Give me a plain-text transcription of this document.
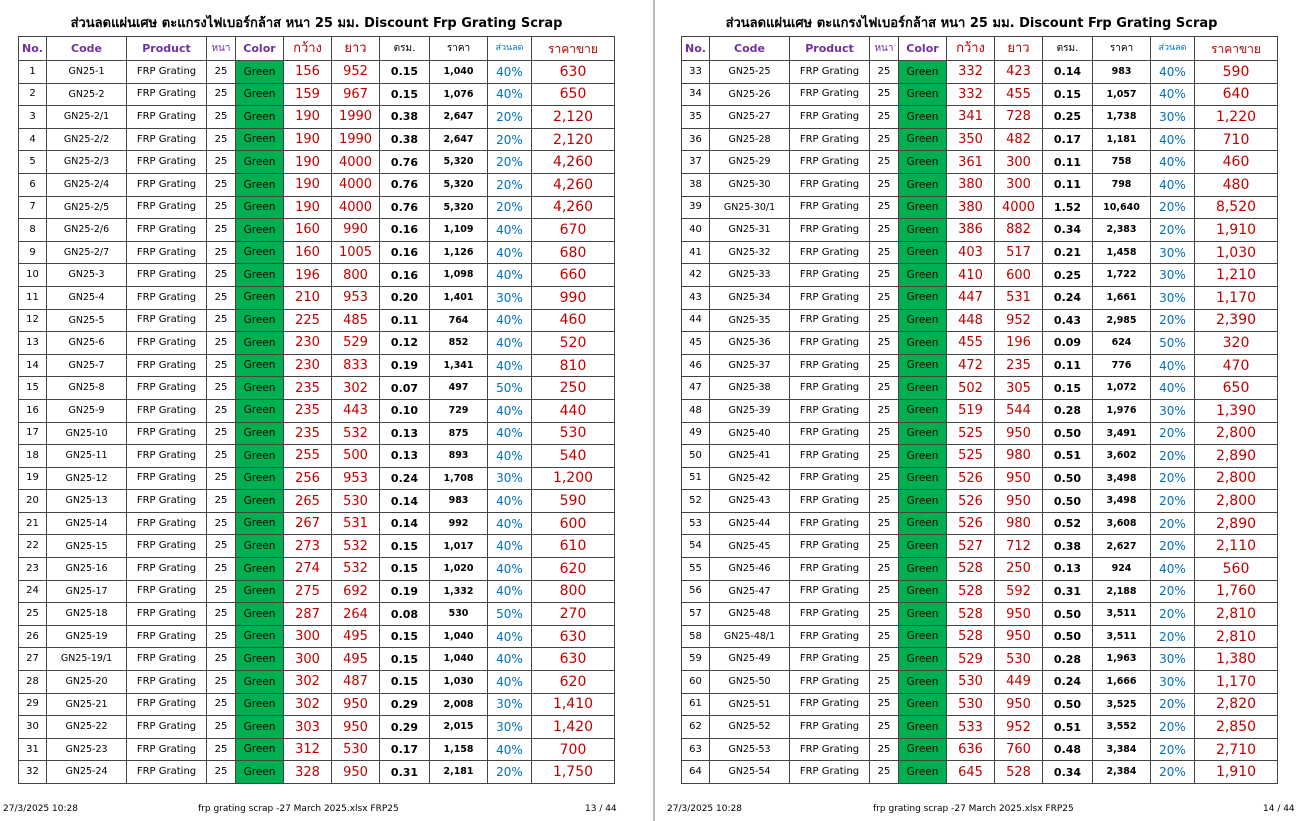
ส่วนลดแผ่นเศษ ตะแกรงไฟเบอร์กล้าส หนา 25 มม. Discount Frp Grating Scrap
No.	Code	Product	หนา	Color	กว้าง	ยาว	ตรม.	ราคา	ส่วนลด	ราคาขาย
1	GN25-1	FRP Grating	25	Green	156	952	0.15	1,040	40%	630
2	GN25-2	FRP Grating	25	Green	159	967	0.15	1,076	40%	650
3	GN25-2/1	FRP Grating	25	Green	190	1990	0.38	2,647	20%	2,120
4	GN25-2/2	FRP Grating	25	Green	190	1990	0.38	2,647	20%	2,120
5	GN25-2/3	FRP Grating	25	Green	190	4000	0.76	5,320	20%	4,260
6	GN25-2/4	FRP Grating	25	Green	190	4000	0.76	5,320	20%	4,260
7	GN25-2/5	FRP Grating	25	Green	190	4000	0.76	5,320	20%	4,260
8	GN25-2/6	FRP Grating	25	Green	160	990	0.16	1,109	40%	670
9	GN25-2/7	FRP Grating	25	Green	160	1005	0.16	1,126	40%	680
10	GN25-3	FRP Grating	25	Green	196	800	0.16	1,098	40%	660
11	GN25-4	FRP Grating	25	Green	210	953	0.20	1,401	30%	990
12	GN25-5	FRP Grating	25	Green	225	485	0.11	764	40%	460
13	GN25-6	FRP Grating	25	Green	230	529	0.12	852	40%	520
14	GN25-7	FRP Grating	25	Green	230	833	0.19	1,341	40%	810
15	GN25-8	FRP Grating	25	Green	235	302	0.07	497	50%	250
16	GN25-9	FRP Grating	25	Green	235	443	0.10	729	40%	440
17	GN25-10	FRP Grating	25	Green	235	532	0.13	875	40%	530
18	GN25-11	FRP Grating	25	Green	255	500	0.13	893	40%	540
19	GN25-12	FRP Grating	25	Green	256	953	0.24	1,708	30%	1,200
20	GN25-13	FRP Grating	25	Green	265	530	0.14	983	40%	590
21	GN25-14	FRP Grating	25	Green	267	531	0.14	992	40%	600
22	GN25-15	FRP Grating	25	Green	273	532	0.15	1,017	40%	610
23	GN25-16	FRP Grating	25	Green	274	532	0.15	1,020	40%	620
24	GN25-17	FRP Grating	25	Green	275	692	0.19	1,332	40%	800
25	GN25-18	FRP Grating	25	Green	287	264	0.08	530	50%	270
26	GN25-19	FRP Grating	25	Green	300	495	0.15	1,040	40%	630
27	GN25-19/1	FRP Grating	25	Green	300	495	0.15	1,040	40%	630
28	GN25-20	FRP Grating	25	Green	302	487	0.15	1,030	40%	620
29	GN25-21	FRP Grating	25	Green	302	950	0.29	2,008	30%	1,410
30	GN25-22	FRP Grating	25	Green	303	950	0.29	2,015	30%	1,420
31	GN25-23	FRP Grating	25	Green	312	530	0.17	1,158	40%	700
32	GN25-24	FRP Grating	25	Green	328	950	0.31	2,181	20%	1,750
27/3/2025 10:28	frp grating scrap -27 March 2025.xlsx FRP25	13 / 44
ส่วนลดแผ่นเศษ ตะแกรงไฟเบอร์กล้าส หนา 25 มม. Discount Frp Grating Scrap
No.	Code	Product	หนา	Color	กว้าง	ยาว	ตรม.	ราคา	ส่วนลด	ราคาขาย
33	GN25-25	FRP Grating	25	Green	332	423	0.14	983	40%	590
34	GN25-26	FRP Grating	25	Green	332	455	0.15	1,057	40%	640
35	GN25-27	FRP Grating	25	Green	341	728	0.25	1,738	30%	1,220
36	GN25-28	FRP Grating	25	Green	350	482	0.17	1,181	40%	710
37	GN25-29	FRP Grating	25	Green	361	300	0.11	758	40%	460
38	GN25-30	FRP Grating	25	Green	380	300	0.11	798	40%	480
39	GN25-30/1	FRP Grating	25	Green	380	4000	1.52	10,640	20%	8,520
40	GN25-31	FRP Grating	25	Green	386	882	0.34	2,383	20%	1,910
41	GN25-32	FRP Grating	25	Green	403	517	0.21	1,458	30%	1,030
42	GN25-33	FRP Grating	25	Green	410	600	0.25	1,722	30%	1,210
43	GN25-34	FRP Grating	25	Green	447	531	0.24	1,661	30%	1,170
44	GN25-35	FRP Grating	25	Green	448	952	0.43	2,985	20%	2,390
45	GN25-36	FRP Grating	25	Green	455	196	0.09	624	50%	320
46	GN25-37	FRP Grating	25	Green	472	235	0.11	776	40%	470
47	GN25-38	FRP Grating	25	Green	502	305	0.15	1,072	40%	650
48	GN25-39	FRP Grating	25	Green	519	544	0.28	1,976	30%	1,390
49	GN25-40	FRP Grating	25	Green	525	950	0.50	3,491	20%	2,800
50	GN25-41	FRP Grating	25	Green	525	980	0.51	3,602	20%	2,890
51	GN25-42	FRP Grating	25	Green	526	950	0.50	3,498	20%	2,800
52	GN25-43	FRP Grating	25	Green	526	950	0.50	3,498	20%	2,800
53	GN25-44	FRP Grating	25	Green	526	980	0.52	3,608	20%	2,890
54	GN25-45	FRP Grating	25	Green	527	712	0.38	2,627	20%	2,110
55	GN25-46	FRP Grating	25	Green	528	250	0.13	924	40%	560
56	GN25-47	FRP Grating	25	Green	528	592	0.31	2,188	20%	1,760
57	GN25-48	FRP Grating	25	Green	528	950	0.50	3,511	20%	2,810
58	GN25-48/1	FRP Grating	25	Green	528	950	0.50	3,511	20%	2,810
59	GN25-49	FRP Grating	25	Green	529	530	0.28	1,963	30%	1,380
60	GN25-50	FRP Grating	25	Green	530	449	0.24	1,666	30%	1,170
61	GN25-51	FRP Grating	25	Green	530	950	0.50	3,525	20%	2,820
62	GN25-52	FRP Grating	25	Green	533	952	0.51	3,552	20%	2,850
63	GN25-53	FRP Grating	25	Green	636	760	0.48	3,384	20%	2,710
64	GN25-54	FRP Grating	25	Green	645	528	0.34	2,384	20%	1,910
27/3/2025 10:28	frp grating scrap -27 March 2025.xlsx FRP25	14 / 44
